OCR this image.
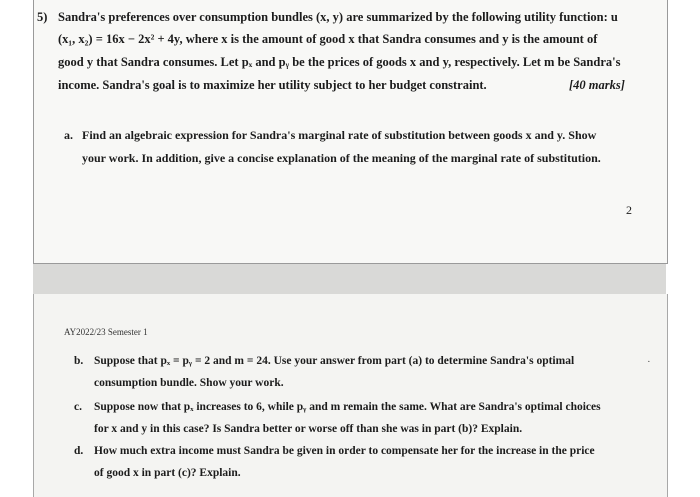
5) Sandra's preferences over consumption bundles (x, y) are summarized by the following utility function: u
(x₁, x₂) = 16x − 2x² + 4y, where x is the amount of good x that Sandra consumes and y is the amount of
good y that Sandra consumes. Let pₓ and pᵧ be the prices of goods x and y, respectively. Let m be Sandra's
income. Sandra's goal is to maximize her utility subject to her budget constraint.	[40 marks]
a. Find an algebraic expression for Sandra's marginal rate of substitution between goods x and y. Show
your work. In addition, give a concise explanation of the meaning of the marginal rate of substitution.
2
AY2022/23 Semester 1
b. Suppose that pₓ = pᵧ = 2 and m = 24. Use your answer from part (a) to determine Sandra's optimal
consumption bundle. Show your work.
·
c. Suppose now that pₓ increases to 6, while pᵧ and m remain the same. What are Sandra's optimal choices
for x and y in this case? Is Sandra better or worse off than she was in part (b)? Explain.
d. How much extra income must Sandra be given in order to compensate her for the increase in the price
of good x in part (c)? Explain.
